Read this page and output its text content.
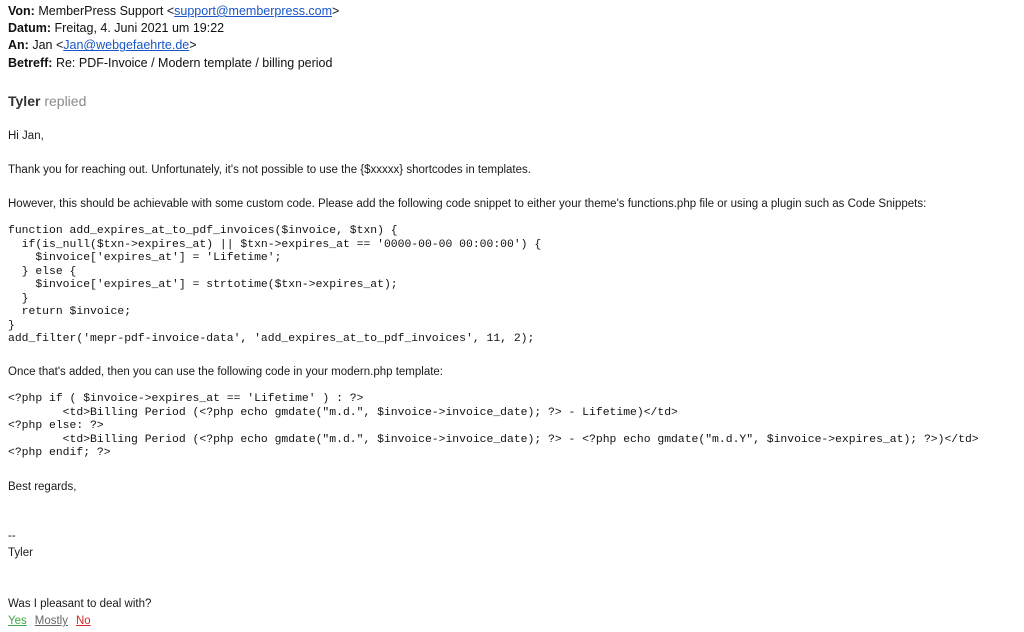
Von: MemberPress Support <support@memberpress.com>
Datum: Freitag, 4. Juni 2021 um 19:22
An: Jan <Jan@webgefaehrte.de>
Betreff: Re: PDF-Invoice / Modern template / billing period
Tyler replied
Hi Jan,
Thank you for reaching out. Unfortunately, it's not possible to use the {$xxxxx} shortcodes in templates.
However, this should be achievable with some custom code. Please add the following code snippet to either your theme's functions.php file or using a plugin such as Code Snippets:
function add_expires_at_to_pdf_invoices($invoice, $txn) {
if(is_null($txn->expires_at) || $txn->expires_at == '0000-00-00 00:00:00') {
$invoice['expires_at'] = 'Lifetime';
} else {
$invoice['expires_at'] = strtotime($txn->expires_at);
}
return $invoice;
}
add_filter('mepr-pdf-invoice-data', 'add_expires_at_to_pdf_invoices', 11, 2);
Once that's added, then you can use the following code in your modern.php template:
<?php if ( $invoice->expires_at == 'Lifetime' ) : ?>
<td>Billing Period (<?php echo gmdate("m.d.", $invoice->invoice_date); ?> - Lifetime)</td>
<?php else: ?>
<td>Billing Period (<?php echo gmdate("m.d.", $invoice->invoice_date); ?> - <?php echo gmdate("m.d.Y", $invoice->expires_at); ?>)</td>
<?php endif; ?>
Best regards,
--
Tyler
Was I pleasant to deal with?
Yes Mostly No
